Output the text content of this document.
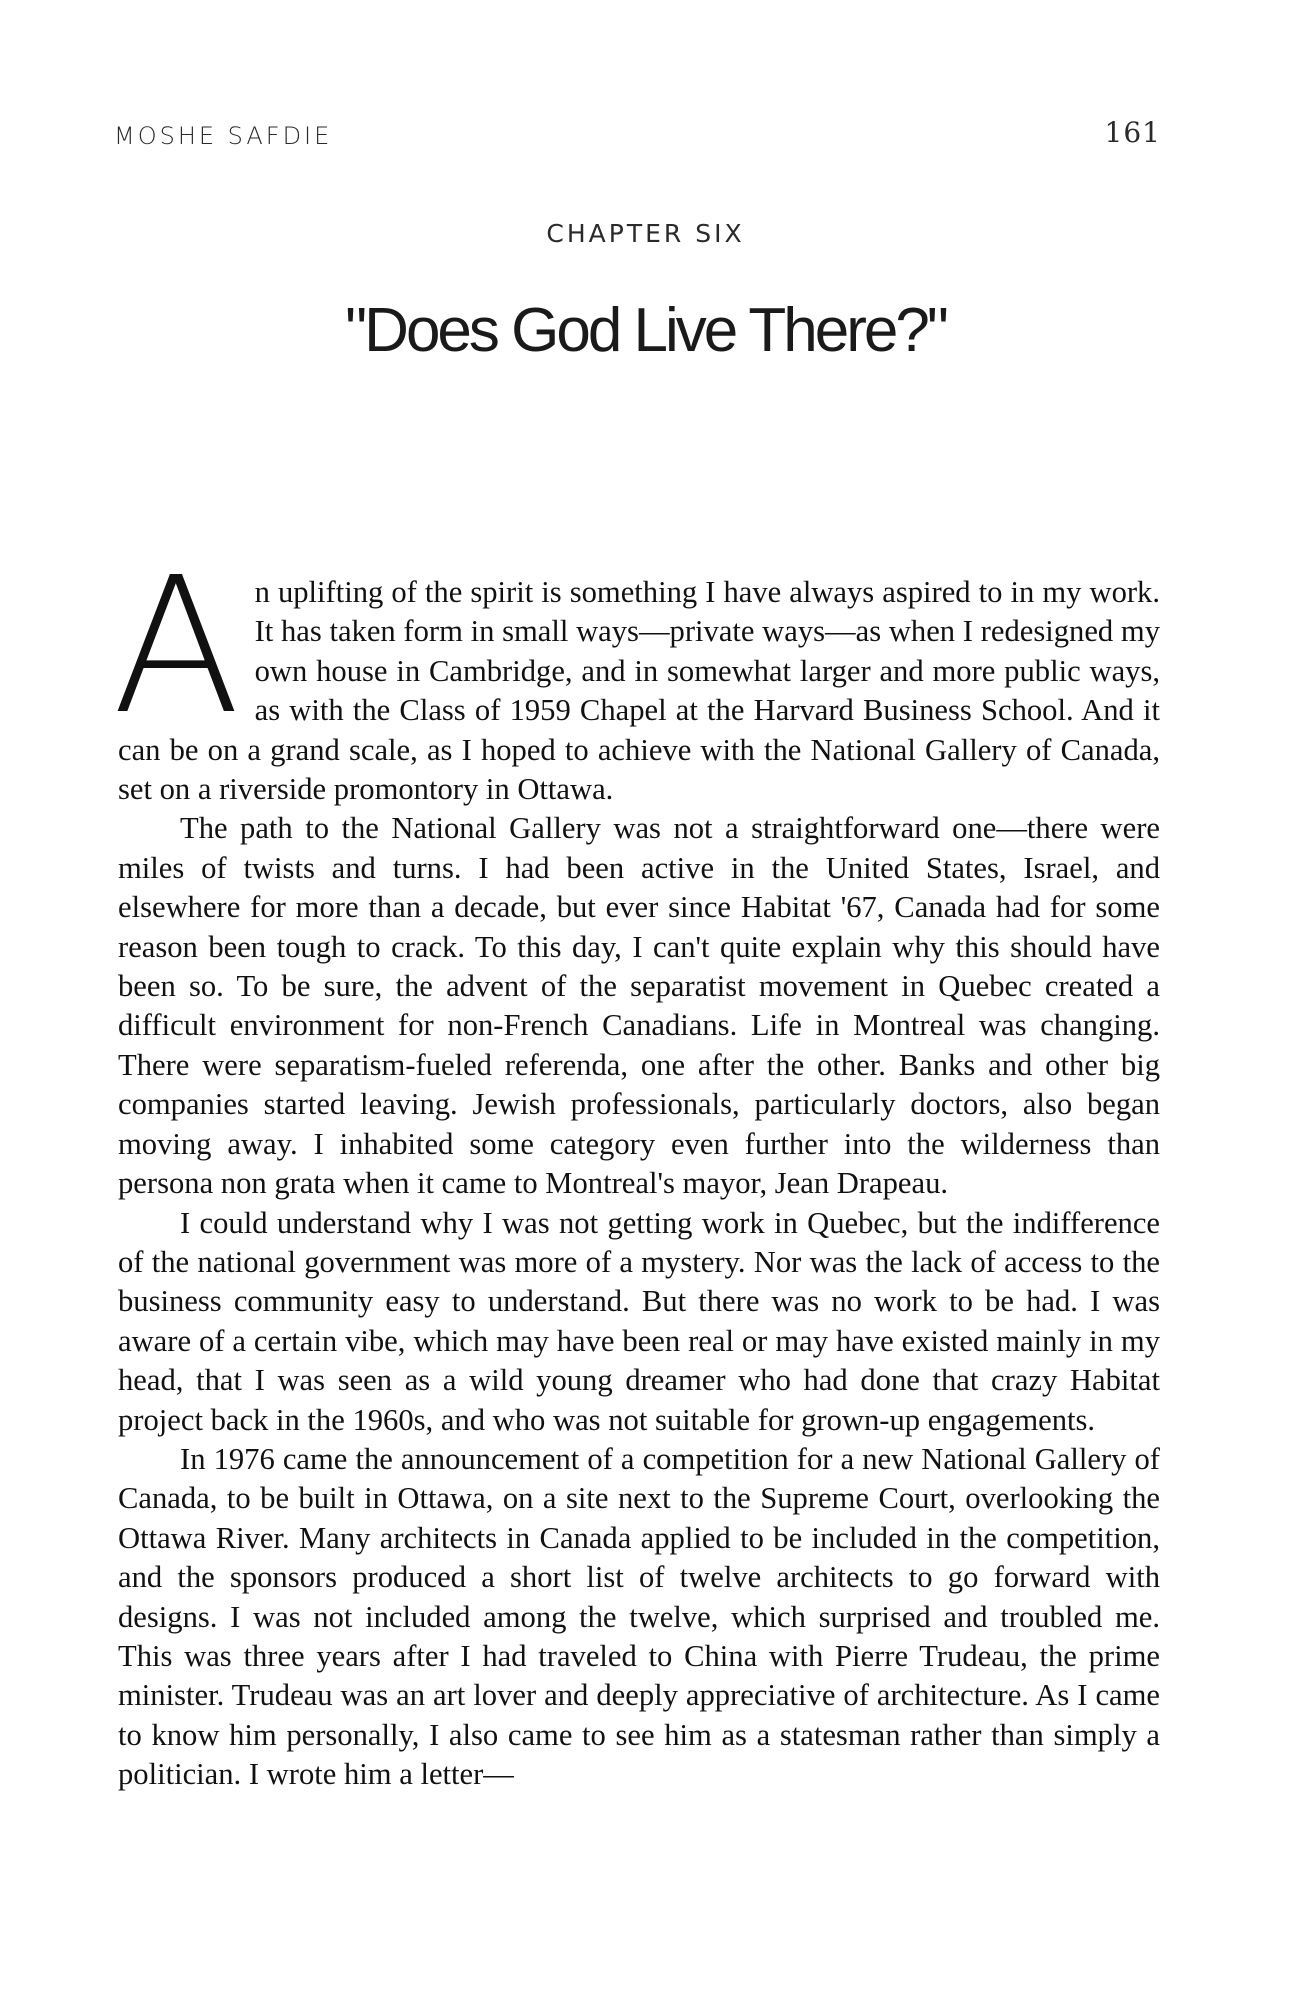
MOSHE SAFDIE	161
CHAPTER SIX
"Does God Live There?"

An uplifting of the spirit is something I have always aspired to in my work. It has taken form in small ways—private ways—as when I redesigned my own house in Cambridge, and in somewhat larger and more public ways, as with the Class of 1959 Chapel at the Harvard Business School. And it can be on a grand scale, as I hoped to achieve with the National Gallery of Canada, set on a riverside promontory in Ottawa.

The path to the National Gallery was not a straightforward one—there were miles of twists and turns. I had been active in the United States, Israel, and elsewhere for more than a decade, but ever since Habitat '67, Canada had for some reason been tough to crack. To this day, I can't quite explain why this should have been so. To be sure, the advent of the separatist movement in Quebec created a difficult environment for non-French Canadians. Life in Montreal was changing. There were separatism-fueled referenda, one after the other. Banks and other big companies started leaving. Jewish professionals, particularly doctors, also began moving away. I inhabited some category even further into the wilderness than persona non grata when it came to Montreal's mayor, Jean Drapeau.

I could understand why I was not getting work in Quebec, but the indifference of the national government was more of a mystery. Nor was the lack of access to the business community easy to understand. But there was no work to be had. I was aware of a certain vibe, which may have been real or may have existed mainly in my head, that I was seen as a wild young dreamer who had done that crazy Habitat project back in the 1960s, and who was not suitable for grown-up engagements.

In 1976 came the announcement of a competition for a new National Gallery of Canada, to be built in Ottawa, on a site next to the Supreme Court, overlooking the Ottawa River. Many architects in Canada applied to be included in the competition, and the sponsors produced a short list of twelve architects to go forward with designs. I was not included among the twelve, which surprised and troubled me. This was three years after I had traveled to China with Pierre Trudeau, the prime minister. Trudeau was an art lover and deeply appreciative of architecture. As I came to know him personally, I also came to see him as a statesman rather than simply a politician. I wrote him a letter—
